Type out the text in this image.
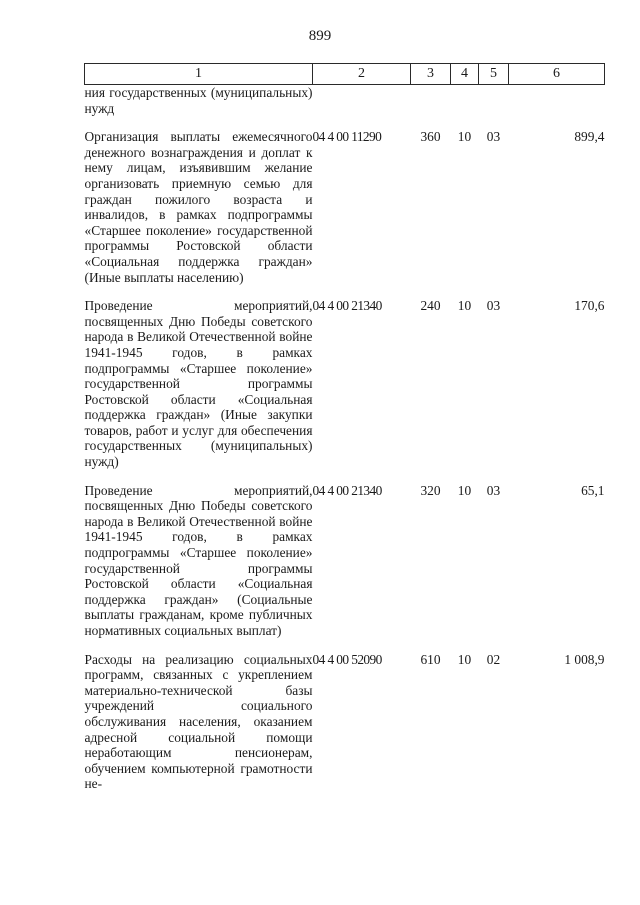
899
1	2	3	4	5	6
ния государственных (муниципальных) нужд					

Организация выплаты ежемесячного денежного вознаграждения и доплат к нему лицам, изъявившим желание организовать приемную семью для граждан пожилого возраста и инвалидов, в рамках подпрограммы «Старшее поколение» государственной программы Ростовской области «Социальная поддержка граждан» (Иные выплаты населению)	04 4 00 11290	360	10	03	899,4

Проведение мероприятий, посвященных Дню Победы советского народа в Великой Отечественной войне 1941-1945 годов, в рамках подпрограммы «Старшее поколение» государственной программы Ростовской области «Социальная поддержка граждан» (Иные закупки товаров, работ и услуг для обеспечения государственных (муниципальных) нужд)	04 4 00 21340	240	10	03	170,6

Проведение мероприятий, посвященных Дню Победы советского народа в Великой Отечественной войне 1941-1945 годов, в рамках подпрограммы «Старшее поколение» государственной программы Ростовской области «Социальная поддержка граждан» (Социальные выплаты гражданам, кроме публичных нормативных социальных выплат)	04 4 00 21340	320	10	03	65,1

Расходы на реализацию социальных программ, связанных с укреплением материально-технической базы учреждений социального обслуживания населения, оказанием адресной социальной помощи неработающим пенсионерам, обучением компьютерной грамотности не-	04 4 00 52090	610	10	02	1 008,9
